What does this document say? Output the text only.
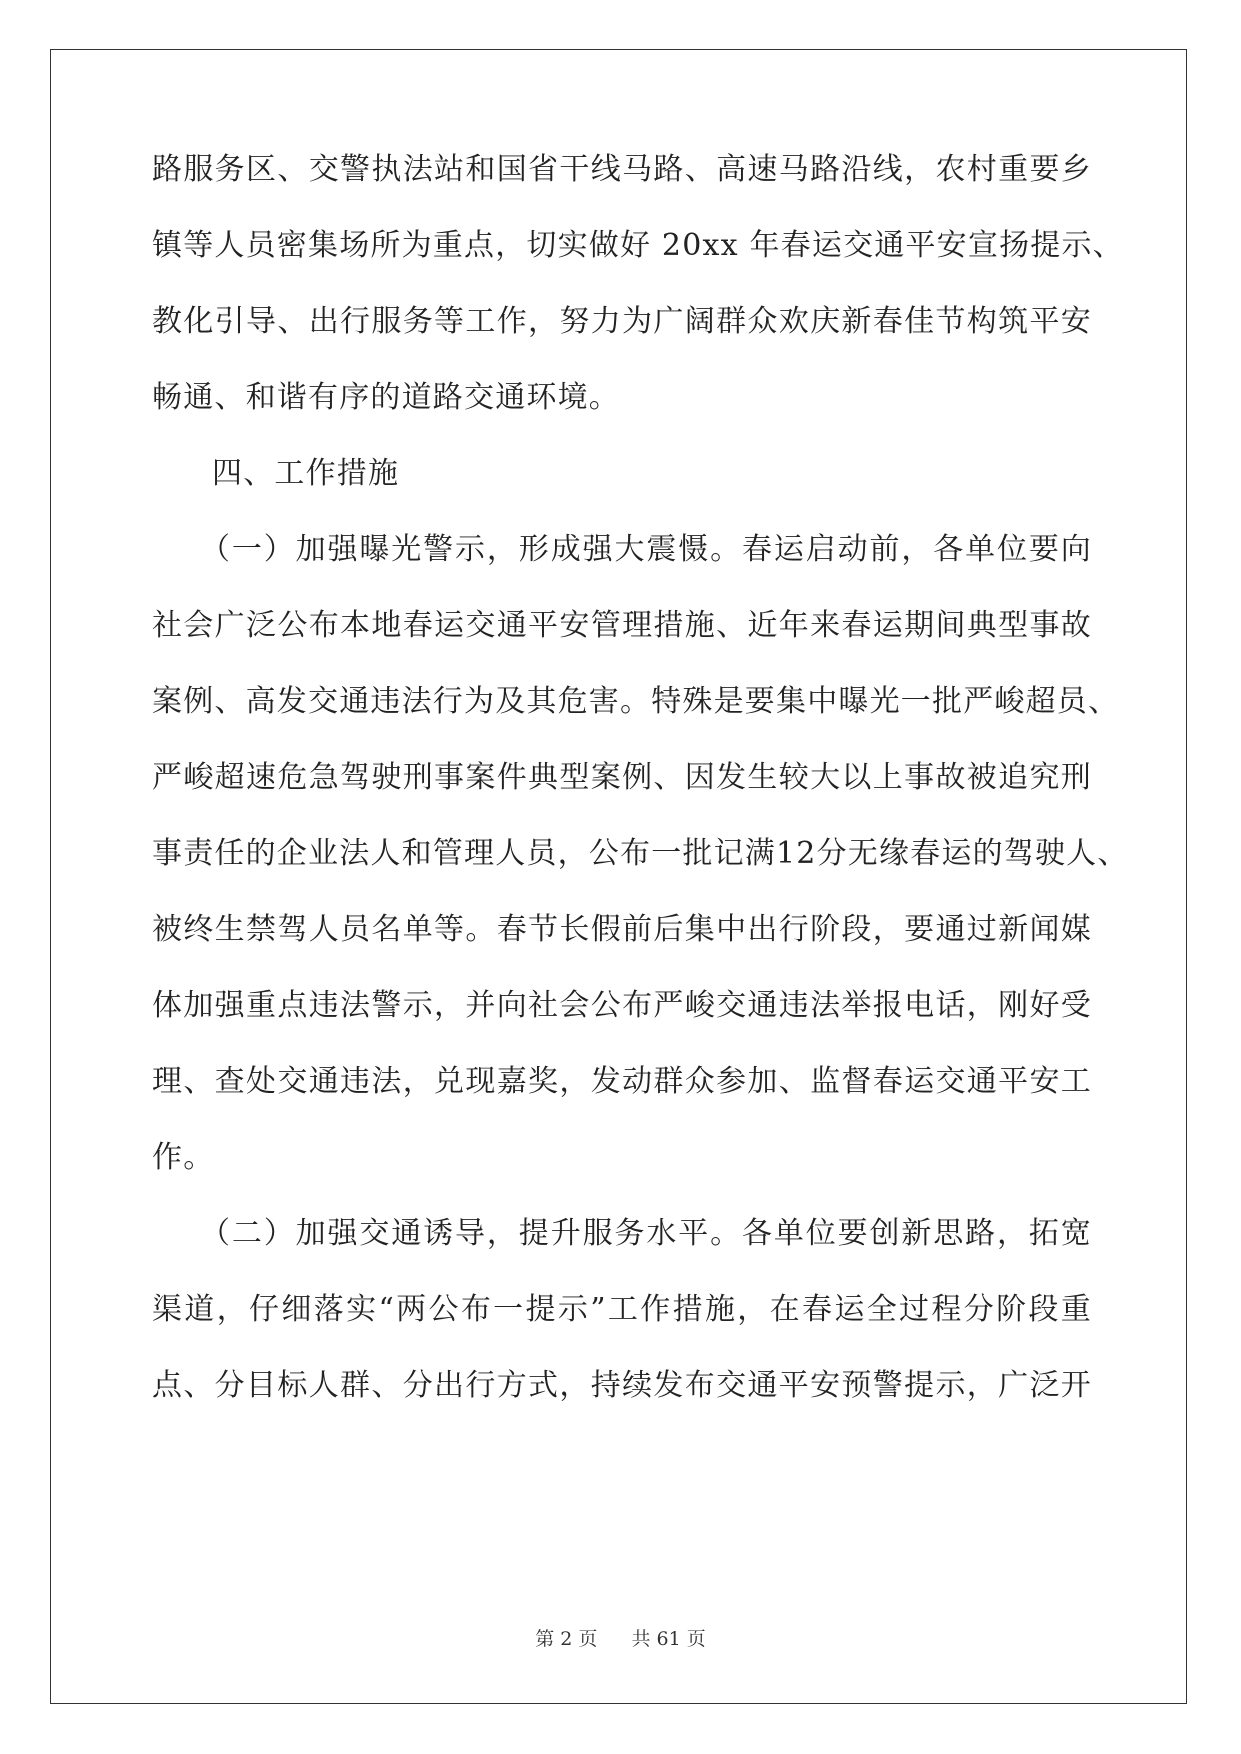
路服务区、交警执法站和国省干线马路、高速马路沿线，农村重要乡
镇等人员密集场所为重点，切实做好 20xx 年春运交通平安宣扬提示、
教化引导、出行服务等工作，努力为广阔群众欢庆新春佳节构筑平安
畅通、和谐有序的道路交通环境。
四、工作措施
（一）加强曝光警示，形成强大震慑。春运启动前，各单位要向
社会广泛公布本地春运交通平安管理措施、近年来春运期间典型事故
案例、高发交通违法行为及其危害。特殊是要集中曝光一批严峻超员、
严峻超速危急驾驶刑事案件典型案例、因发生较大以上事故被追究刑
事责任的企业法人和管理人员，公布一批记满12分无缘春运的驾驶人、
被终生禁驾人员名单等。春节长假前后集中出行阶段，要通过新闻媒
体加强重点违法警示，并向社会公布严峻交通违法举报电话，刚好受
理、查处交通违法，兑现嘉奖，发动群众参加、监督春运交通平安工
作。
（二）加强交通诱导，提升服务水平。各单位要创新思路，拓宽
渠道，仔细落实“两公布一提示”工作措施，在春运全过程分阶段重
点、分目标人群、分出行方式，持续发布交通平安预警提示，广泛开
第 2 页 共 61 页
